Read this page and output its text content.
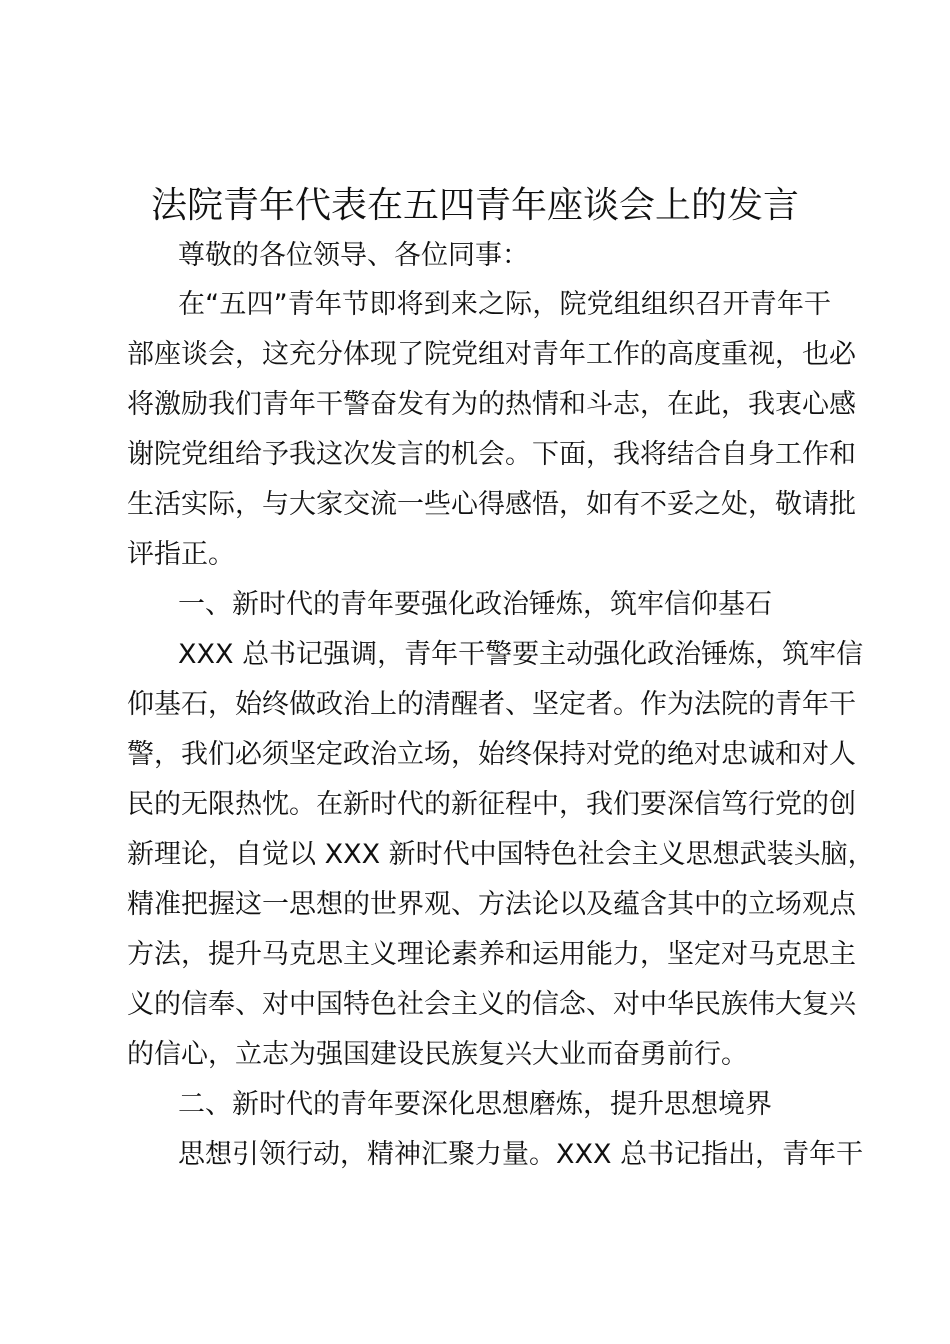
法院青年代表在五四青年座谈会上的发言

尊敬的各位领导、各位同事：

在“五四”青年节即将到来之际，院党组组织召开青年干

部座谈会，这充分体现了院党组对青年工作的高度重视，也必

将激励我们青年干警奋发有为的热情和斗志，在此，我衷心感

谢院党组给予我这次发言的机会。下面，我将结合自身工作和

生活实际，与大家交流一些心得感悟，如有不妥之处，敬请批

评指正。

一、新时代的青年要强化政治锤炼，筑牢信仰基石

XXX 总书记强调，青年干警要主动强化政治锤炼，筑牢信

仰基石，始终做政治上的清醒者、坚定者。作为法院的青年干

警，我们必须坚定政治立场，始终保持对党的绝对忠诚和对人

民的无限热忱。在新时代的新征程中，我们要深信笃行党的创

新理论，自觉以 XXX 新时代中国特色社会主义思想武装头脑，

精准把握这一思想的世界观、方法论以及蕴含其中的立场观点

方法，提升马克思主义理论素养和运用能力，坚定对马克思主

义的信奉、对中国特色社会主义的信念、对中华民族伟大复兴

的信心，立志为强国建设民族复兴大业而奋勇前行。

二、新时代的青年要深化思想磨炼，提升思想境界

思想引领行动，精神汇聚力量。XXX 总书记指出，青年干
